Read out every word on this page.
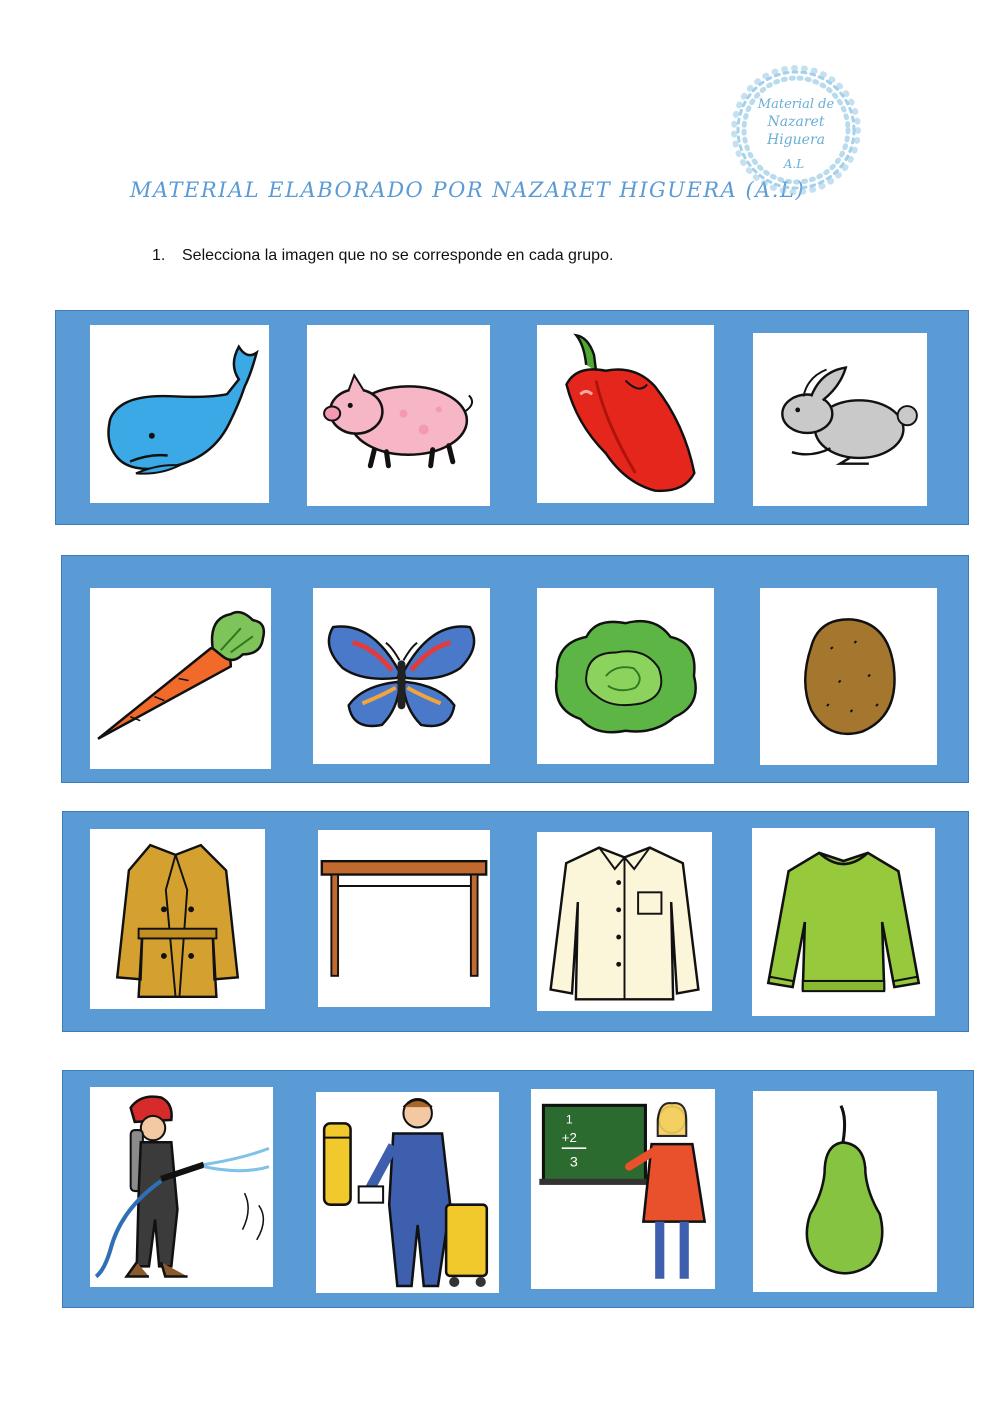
MATERIAL ELABORADO POR NAZARET HIGUERA (A.L)
Material de
Nazaret
Higuera
A.L
1. Selecciona la imagen que no se corresponde en cada grupo.
1
+2
3
